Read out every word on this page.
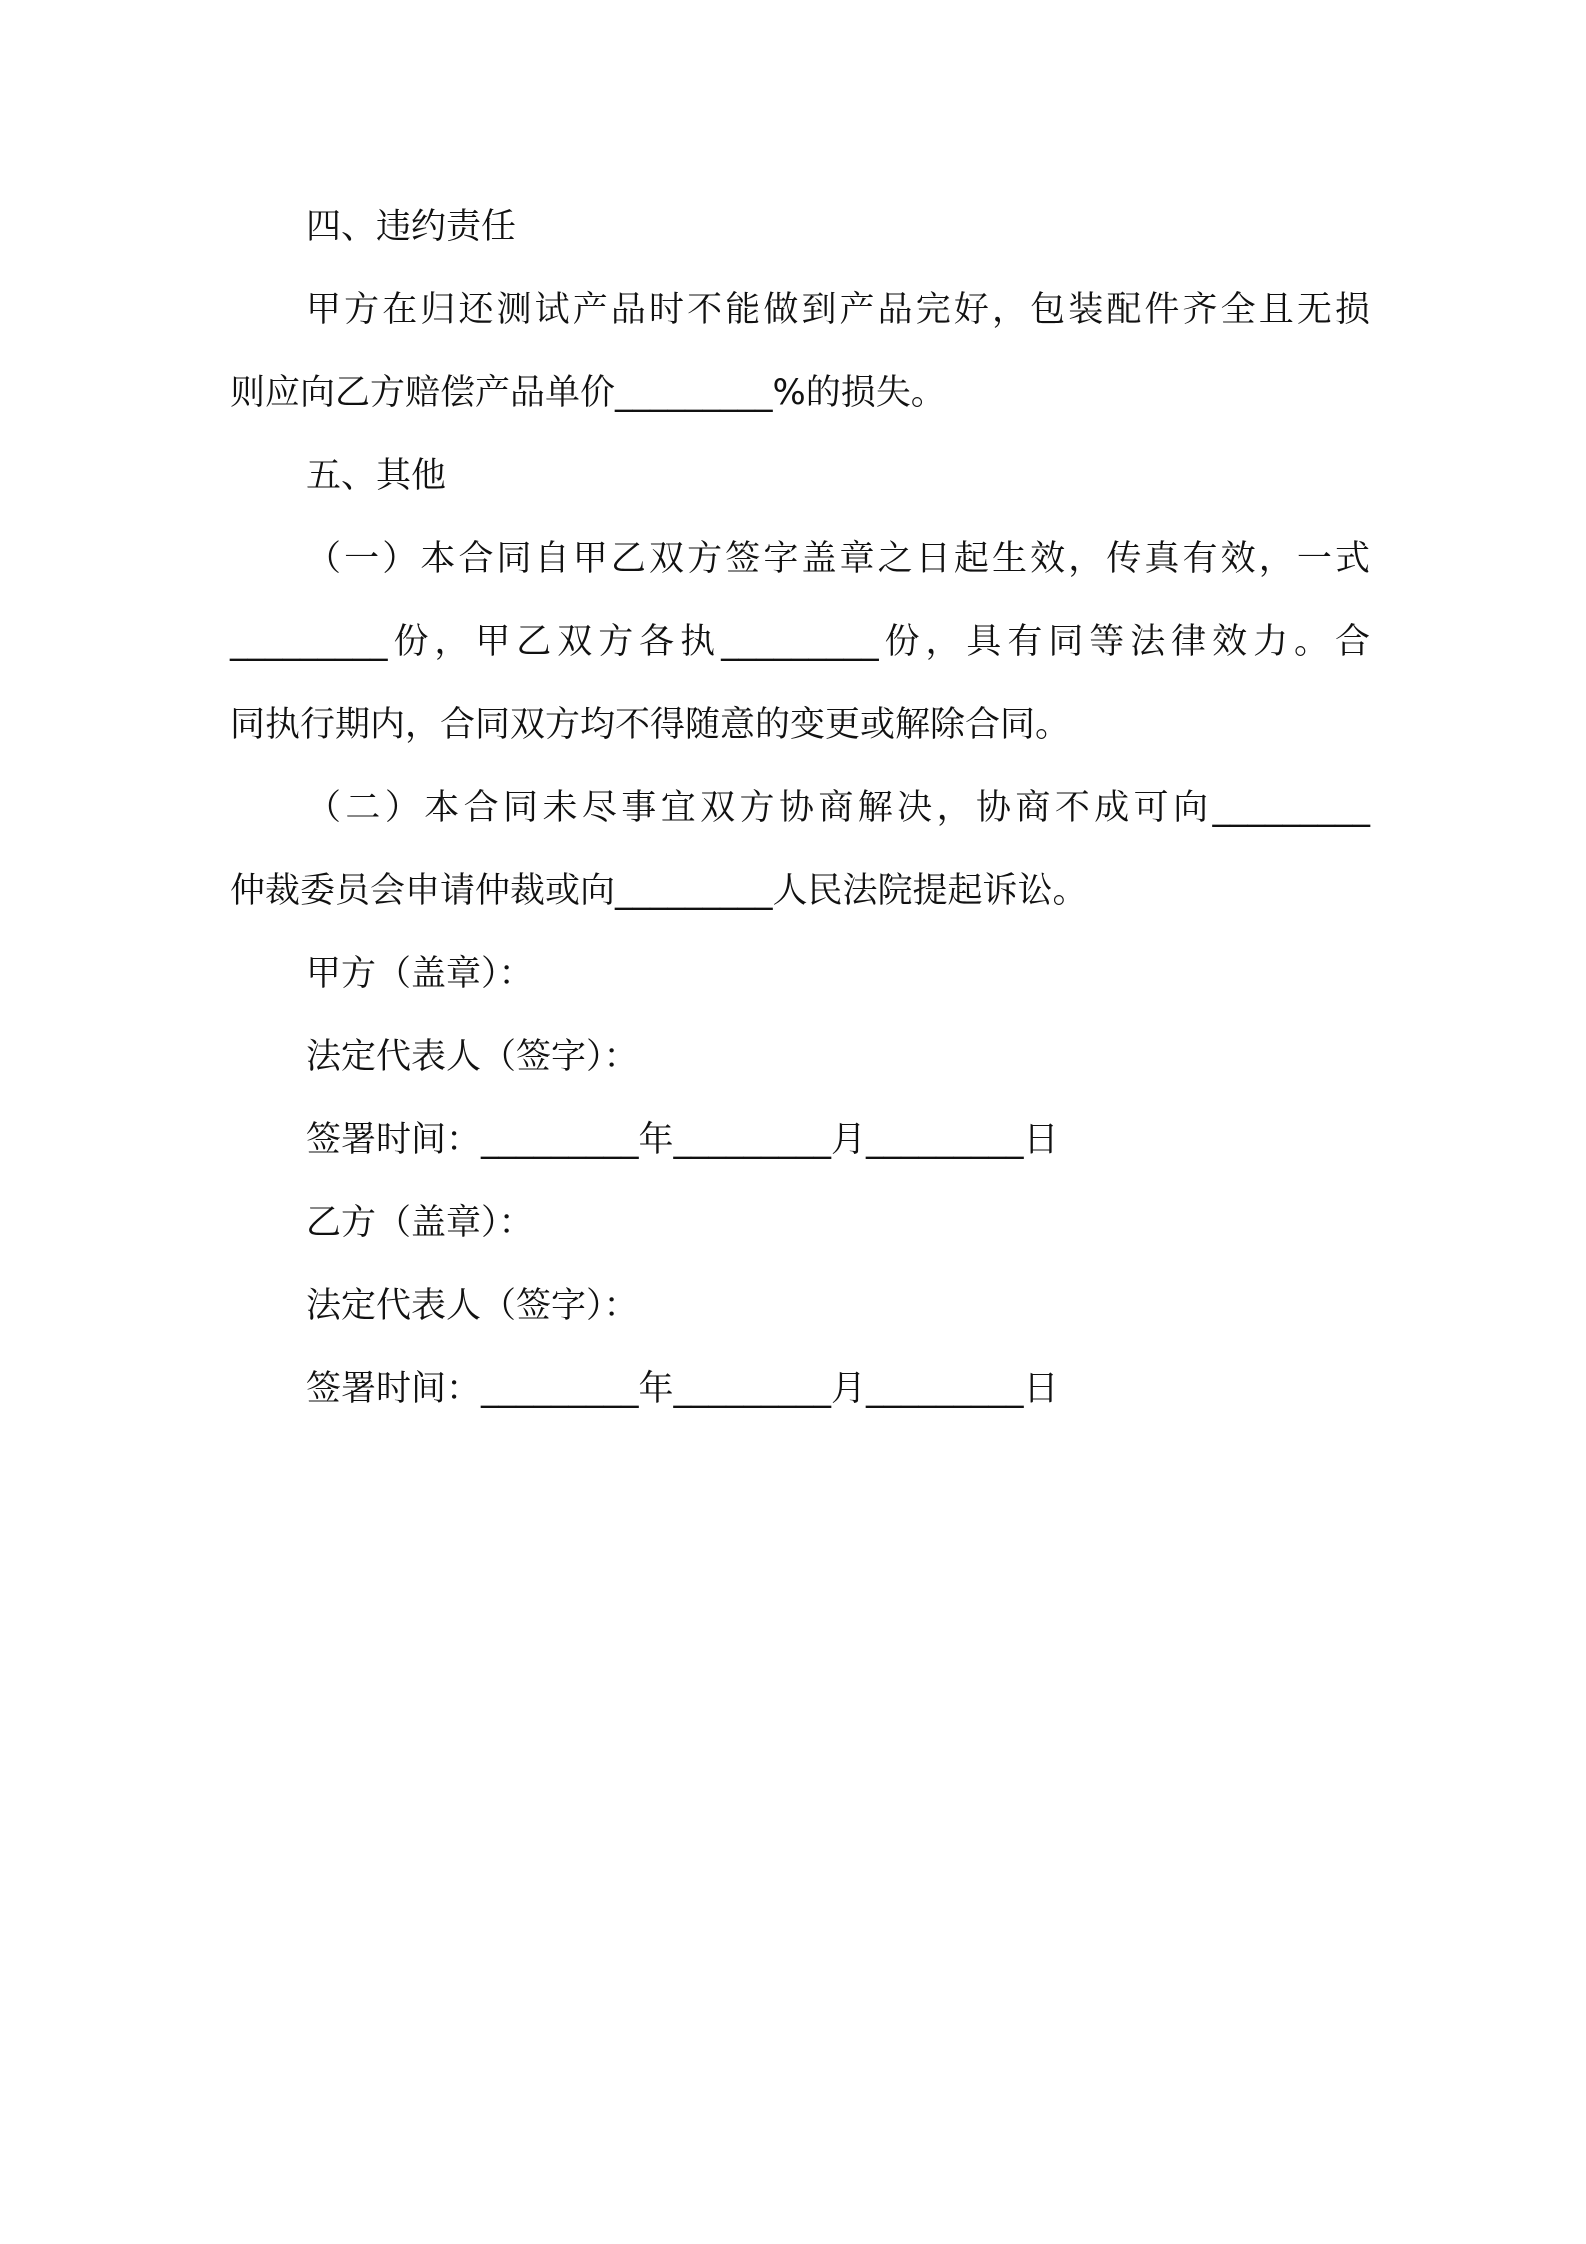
四、违约责任
甲方在归还测试产品时不能做到产品完好，包装配件齐全且无损
则应向乙方赔偿产品单价_________%的损失。
五、其他
（一）本合同自甲乙双方签字盖章之日起生效，传真有效，一式
_________份，甲乙双方各执_________份，具有同等法律效力。合
同执行期内，合同双方均不得随意的变更或解除合同。
（二）本合同未尽事宜双方协商解决，协商不成可向_________
仲裁委员会申请仲裁或向_________人民法院提起诉讼。
甲方（盖章）：
法定代表人（签字）：
签署时间：_________年_________月_________日
乙方（盖章）：
法定代表人（签字）：
签署时间：_________年_________月_________日
